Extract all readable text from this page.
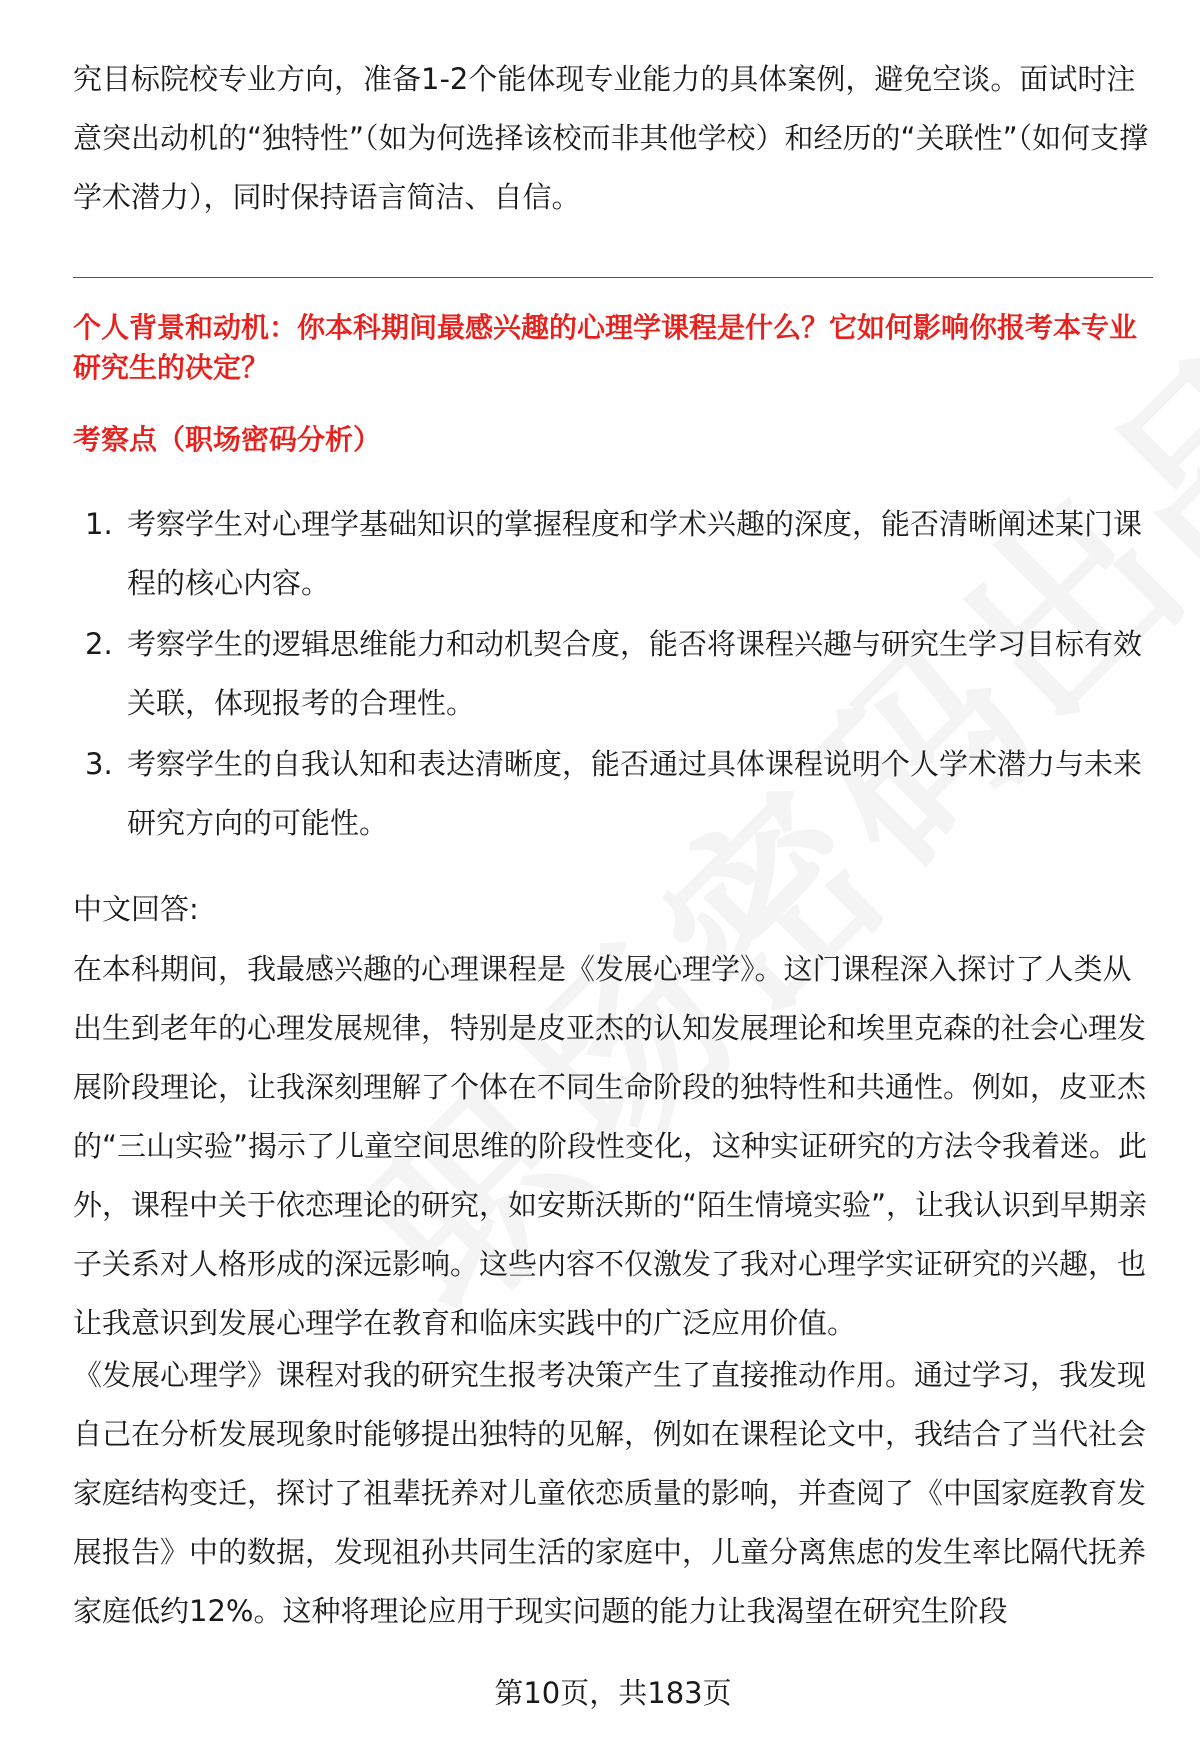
究目标院校专业方向，准备1-2个能体现专业能力的具体案例，避免空谈。面试时注意突出动机的“独特性”（如为何选择该校而非其他学校）和经历的“关联性”（如何支撑学术潜力），同时保持语言简洁、自信。

个人背景和动机：你本科期间最感兴趣的心理学课程是什么？它如何影响你报考本专业研究生的决定？
考察点（职场密码分析）
1. 考察学生对心理学基础知识的掌握程度和学术兴趣的深度，能否清晰阐述某门课程的核心内容。
2. 考察学生的逻辑思维能力和动机契合度，能否将课程兴趣与研究生学习目标有效关联，体现报考的合理性。
3. 考察学生的自我认知和表达清晰度，能否通过具体课程说明个人学术潜力与未来研究方向的可能性。

中文回答:

在本科期间，我最感兴趣的心理课程是《发展心理学》。这门课程深入探讨了人类从出生到老年的心理发展规律，特别是皮亚杰的认知发展理论和埃里克森的社会心理发展阶段理论，让我深刻理解了个体在不同生命阶段的独特性和共通性。例如，皮亚杰的“三山实验”揭示了儿童空间思维的阶段性变化，这种实证研究的方法令我着迷。此外，课程中关于依恋理论的研究，如安斯沃斯的“陌生情境实验”，让我认识到早期亲子关系对人格形成的深远影响。这些内容不仅激发了我对心理学实证研究的兴趣，也让我意识到发展心理学在教育和临床实践中的广泛应用价值。

《发展心理学》课程对我的研究生报考决策产生了直接推动作用。通过学习，我发现自己在分析发展现象时能够提出独特的见解，例如在课程论文中，我结合了当代社会家庭结构变迁，探讨了祖辈抚养对儿童依恋质量的影响，并查阅了《中国家庭教育发展报告》中的数据，发现祖孙共同生活的家庭中，儿童分离焦虑的发生率比隔代抚养家庭低约12%。这种将理论应用于现实问题的能力让我渴望在研究生阶段

第10页，共183页
